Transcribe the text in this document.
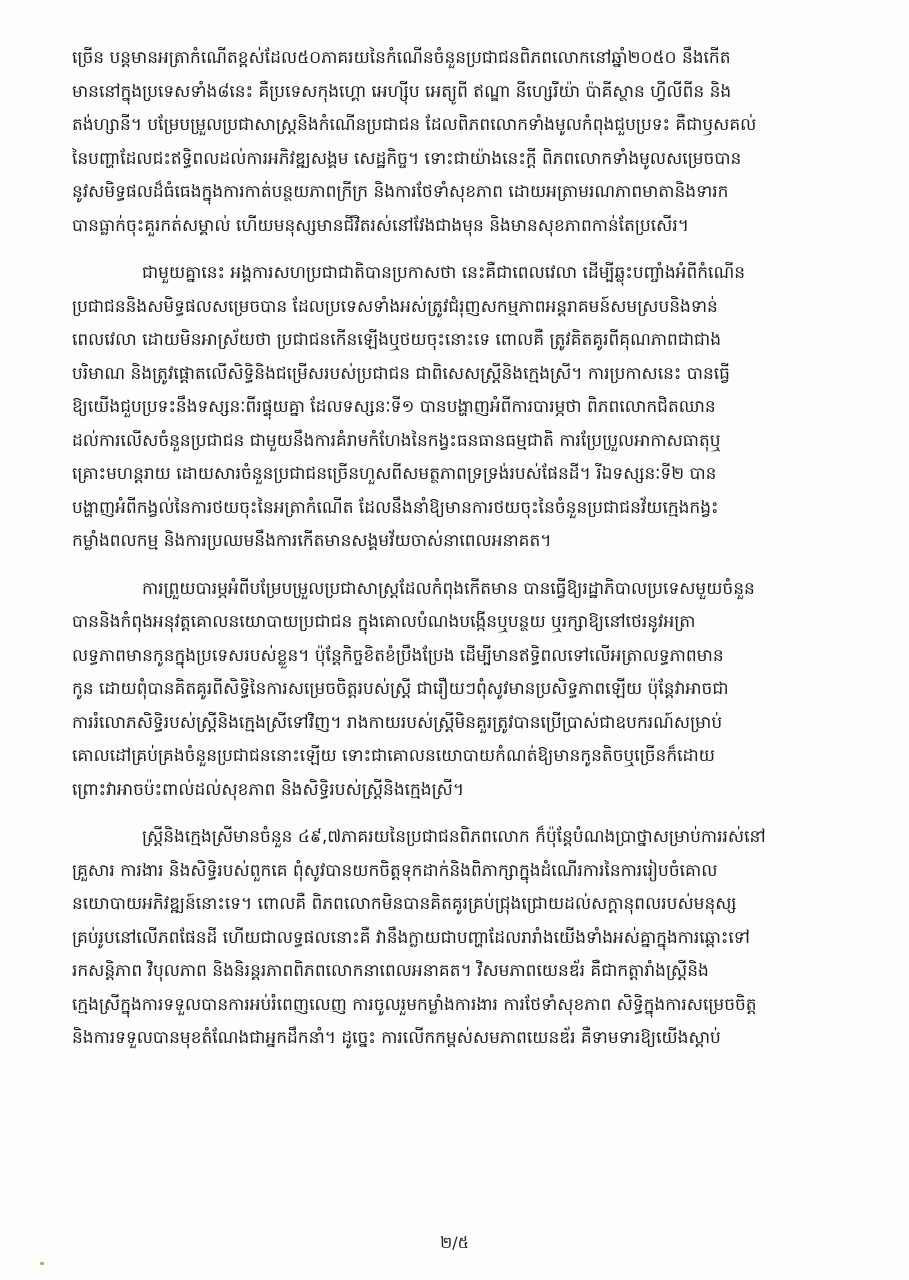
ច្រើន បន្តមានអត្រាកំណើតខ្ពស់ដែល៥០ភាគរយនៃកំណើនចំនួនប្រជាជនពិភពលោកនៅឆ្នាំ២០៥០ នឹងកើត
មាននៅក្នុងប្រទេសទាំង៨នេះ គឺប្រទេសកុងហ្គោ អេហ្ស៊ីប អេត្យូពី ឥណ្ឌា នីហ្សេរីយ៉ា ប៉ាគីស្ថាន ហ្វីលីពីន និង
តង់ហ្សានី។ បម្រែបម្រួលប្រជាសាស្ត្រនិងកំណើនប្រជាជន ដែលពិភពលោកទាំងមូលកំពុងជួបប្រទះ គឺជាឫសគល់
នៃបញ្ហាដែលជះឥទ្ធិពលដល់ការអភិវឌ្ឍសង្គម សេដ្ឋកិច្ច។ ទោះជាយ៉ាងនេះក្តី ពិភពលោកទាំងមូលសម្រេចបាន
នូវសមិទ្ធផលដ៏ធំធេងក្នុងការកាត់បន្ថយភាពក្រីក្រ និងការថែទាំសុខភាព ដោយអត្រាមរណភាពមាតានិងទារក
បានធ្លាក់ចុះគួរកត់សម្គាល់ ហើយមនុស្សមានជីវិតរស់នៅវែងជាងមុន និងមានសុខភាពកាន់តែប្រសើរ។
ជាមួយគ្នានេះ អង្គការសហប្រជាជាតិបានប្រកាសថា នេះគឺជាពេលវេលា ដើម្បីឆ្លុះបញ្ចាំងអំពីកំណើន
ប្រជាជននិងសមិទ្ធផលសម្រេចបាន ដែលប្រទេសទាំងអស់ត្រូវជំរុញសកម្មភាពអន្តរាគមន៍សមស្របនិងទាន់
ពេលវេលា ដោយមិនអាស្រ័យថា ប្រជាជនកើនឡើងឬថយចុះនោះទេ ពោលគឺ ត្រូវគិតគូរពីគុណភាពជាជាង
បរិមាណ និងត្រូវផ្តោតលើសិទ្ធិនិងជម្រើសរបស់ប្រជាជន ជាពិសេសស្ត្រីនិងក្មេងស្រី។ ការប្រកាសនេះ បានធ្វើ
ឱ្យយើងជួបប្រទះនឹងទស្សនៈពីរផ្ទុយគ្នា ដែលទស្សនៈទី១ បានបង្ហាញអំពីការបារម្ភថា ពិភពលោកជិតឈាន
ដល់ការលើសចំនួនប្រជាជន ជាមួយនឹងការគំរាមកំហែងនៃកង្វះធនធានធម្មជាតិ ការប្រែប្រួលអាកាសធាតុឬ
គ្រោះមហន្តរាយ ដោយសារចំនួនប្រជាជនច្រើនហួសពីសមត្ថភាពទ្រទ្រង់របស់ផែនដី។ រីឯទស្សនៈទី២ បាន
បង្ហាញអំពីកង្វល់នៃការថយចុះនៃអត្រាកំណើត ដែលនឹងនាំឱ្យមានការថយចុះនៃចំនួនប្រជាជនវ័យក្មេងកង្វះ
កម្លាំងពលកម្ម និងការប្រឈមនឹងការកើតមានសង្គមវ័យចាស់នាពេលអនាគត។
ការព្រួយបារម្ភអំពីបម្រែបម្រួលប្រជាសាស្ត្រដែលកំពុងកើតមាន បានធ្វើឱ្យរដ្ឋាភិបាលប្រទេសមួយចំនួន
បាននិងកំពុងអនុវត្តគោលនយោបាយប្រជាជន ក្នុងគោលបំណងបង្កើនឬបន្ថយ ឬរក្សាឱ្យនៅថេរនូវអត្រា
លទ្ធភាពមានកូនក្នុងប្រទេសរបស់ខ្លួន។ ប៉ុន្តែកិច្ចខិតខំប្រឹងប្រែង ដើម្បីមានឥទ្ធិពលទៅលើអត្រាលទ្ធភាពមាន
កូន ដោយពុំបានគិតគូរពីសិទ្ធិនៃការសម្រេចចិត្តរបស់ស្ត្រី ជារឿយៗពុំសូវមានប្រសិទ្ធភាពឡើយ ប៉ុន្តែវាអាចជា
ការរំលោភសិទ្ធិរបស់ស្ត្រីនិងក្មេងស្រីទៅវិញ។ រាងកាយរបស់ស្ត្រីមិនគួរត្រូវបានប្រើប្រាស់ជាឧបករណ៍សម្រាប់
គោលដៅគ្រប់គ្រងចំនួនប្រជាជននោះឡើយ ទោះជាគោលនយោបាយកំណត់ឱ្យមានកូនតិចឬច្រើនក៏ដោយ
ព្រោះវាអាចប៉ះពាល់ដល់សុខភាព និងសិទ្ធិរបស់ស្ត្រីនិងក្មេងស្រី។
ស្ត្រីនិងក្មេងស្រីមានចំនួន ៤៩,៧ភាគរយនៃប្រជាជនពិភពលោក ក៏ប៉ុន្តែបំណងប្រាថ្នាសម្រាប់ការរស់នៅ
គ្រួសារ ការងារ និងសិទ្ធិរបស់ពួកគេ ពុំសូវបានយកចិត្តទុកដាក់និងពិភាក្សាក្នុងដំណើរការនៃការរៀបចំគោល
នយោបាយអភិវឌ្ឍន៍នោះទេ។ ពោលគឺ ពិភពលោកមិនបានគិតគូរគ្រប់ជ្រុងជ្រោយដល់សក្តានុពលរបស់មនុស្ស
គ្រប់រូបនៅលើភពផែនដី ហើយជាលទ្ធផលនោះគឺ វានឹងក្លាយជាបញ្ហាដែលរារាំងយើងទាំងអស់គ្នាក្នុងការឆ្ពោះទៅ
រកសន្តិភាព វិបុលភាព និងនិរន្តរភាពពិភពលោកនាពេលអនាគត។ វិសមភាពយេនឌ័រ គឺជាកត្តារាំងស្ត្រីនិង
ក្មេងស្រីក្នុងការទទួលបានការអប់រំពេញលេញ ការចូលរួមកម្លាំងការងារ ការថែទាំសុខភាព សិទ្ធិក្នុងការសម្រេចចិត្ត
និងការទទួលបានមុខតំណែងជាអ្នកដឹកនាំ។ ដូច្នេះ ការលើកកម្ពស់សមភាពយេនឌ័រ គឺទាមទារឱ្យយើងស្តាប់
២/៥
